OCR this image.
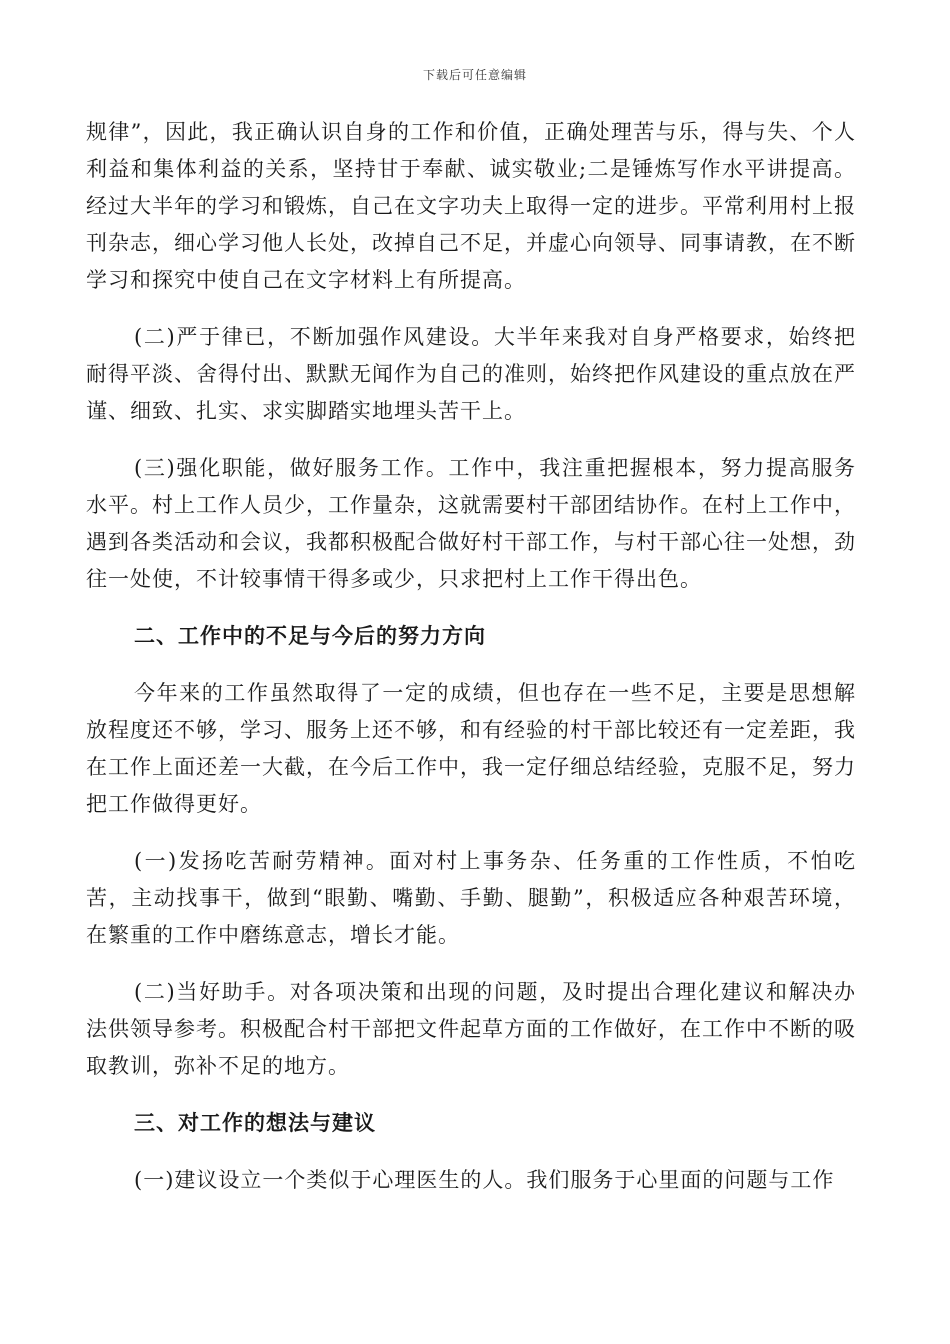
下载后可任意编辑

规律”，因此，我正确认识自身的工作和价值，正确处理苦与乐，得与失、个人利益和集体利益的关系，坚持甘于奉献、诚实敬业;二是锤炼写作水平讲提高。经过大半年的学习和锻炼，自己在文字功夫上取得一定的进步。平常利用村上报刊杂志，细心学习他人长处，改掉自己不足，并虚心向领导、同事请教，在不断学习和探究中使自己在文字材料上有所提高。

(二)严于律已，不断加强作风建设。大半年来我对自身严格要求，始终把耐得平淡、舍得付出、默默无闻作为自己的准则，始终把作风建设的重点放在严谨、细致、扎实、求实脚踏实地埋头苦干上。

(三)强化职能，做好服务工作。工作中，我注重把握根本，努力提高服务水平。村上工作人员少，工作量杂，这就需要村干部团结协作。在村上工作中，遇到各类活动和会议，我都积极配合做好村干部工作，与村干部心往一处想，劲往一处使，不计较事情干得多或少，只求把村上工作干得出色。

二、工作中的不足与今后的努力方向

今年来的工作虽然取得了一定的成绩，但也存在一些不足，主要是思想解放程度还不够，学习、服务上还不够，和有经验的村干部比较还有一定差距，我在工作上面还差一大截，在今后工作中，我一定仔细总结经验，克服不足，努力把工作做得更好。

(一)发扬吃苦耐劳精神。面对村上事务杂、任务重的工作性质，不怕吃苦，主动找事干，做到“眼勤、嘴勤、手勤、腿勤”，积极适应各种艰苦环境，在繁重的工作中磨练意志，增长才能。

(二)当好助手。对各项决策和出现的问题，及时提出合理化建议和解决办法供领导参考。积极配合村干部把文件起草方面的工作做好，在工作中不断的吸取教训，弥补不足的地方。

三、对工作的想法与建议

(一)建议设立一个类似于心理医生的人。我们服务于心里面的问题与工作
